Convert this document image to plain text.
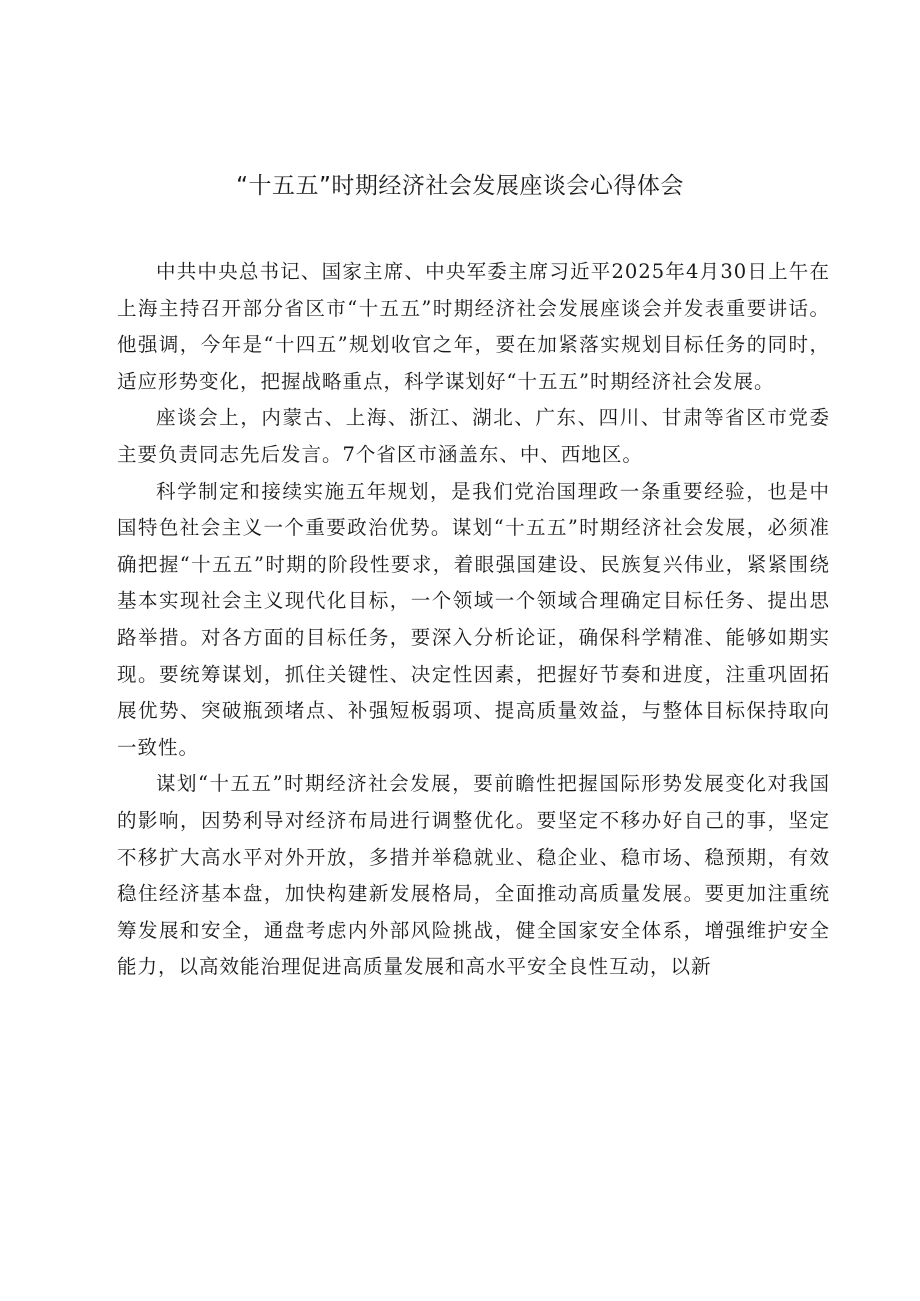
“十五五”时期经济社会发展座谈会心得体会

中共中央总书记、国家主席、中央军委主席习近平2025年4月30日上午在上海主持召开部分省区市“十五五”时期经济社会发展座谈会并发表重要讲话。他强调，今年是“十四五”规划收官之年，要在加紧落实规划目标任务的同时，适应形势变化，把握战略重点，科学谋划好“十五五”时期经济社会发展。

座谈会上，内蒙古、上海、浙江、湖北、广东、四川、甘肃等省区市党委主要负责同志先后发言。7个省区市涵盖东、中、西地区。

科学制定和接续实施五年规划，是我们党治国理政一条重要经验，也是中国特色社会主义一个重要政治优势。谋划“十五五”时期经济社会发展，必须准确把握“十五五”时期的阶段性要求，着眼强国建设、民族复兴伟业，紧紧围绕基本实现社会主义现代化目标，一个领域一个领域合理确定目标任务、提出思路举措。对各方面的目标任务，要深入分析论证，确保科学精准、能够如期实现。要统筹谋划，抓住关键性、决定性因素，把握好节奏和进度，注重巩固拓展优势、突破瓶颈堵点、补强短板弱项、提高质量效益，与整体目标保持取向一致性。

谋划“十五五”时期经济社会发展，要前瞻性把握国际形势发展变化对我国的影响，因势利导对经济布局进行调整优化。要坚定不移办好自己的事，坚定不移扩大高水平对外开放，多措并举稳就业、稳企业、稳市场、稳预期，有效稳住经济基本盘，加快构建新发展格局，全面推动高质量发展。要更加注重统筹发展和安全，通盘考虑内外部风险挑战，健全国家安全体系，增强维护安全能力，以高效能治理促进高质量发展和高水平安全良性互动，以新
